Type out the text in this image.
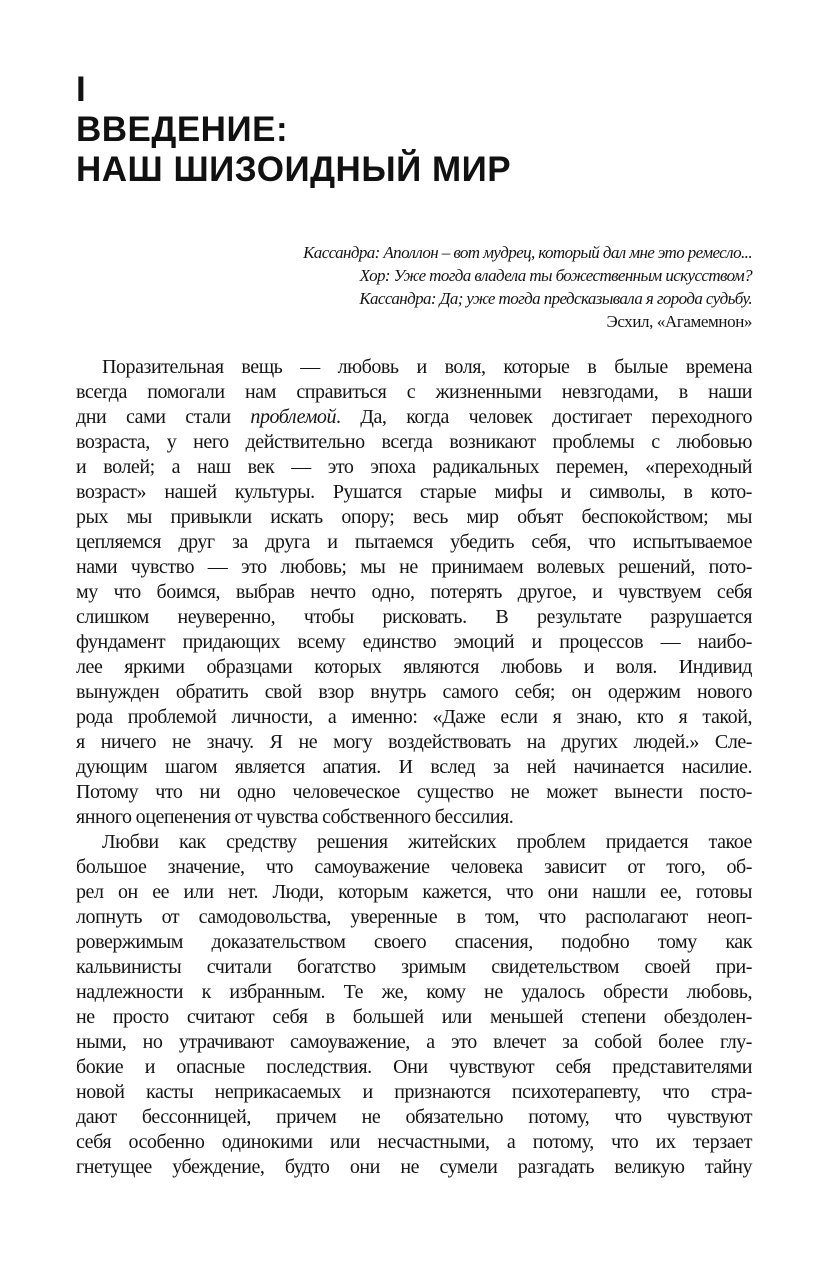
I
ВВЕДЕНИЕ:
НАШ ШИЗОИДНЫЙ МИР
Кассандра: Аполлон – вот мудрец, который дал мне это ремесло...
Хор: Уже тогда владела ты божественным искусством?
Кассандра: Да; уже тогда предсказывала я города судьбу.
Эсхил, «Агамемнон»
Поразительная вещь — любовь и воля, которые в былые времена
всегда помогали нам справиться с жизненными невзгодами, в наши
дни сами стали проблемой. Да, когда человек достигает переходного
возраста, у него действительно всегда возникают проблемы с любовью
и волей; а наш век — это эпоха радикальных перемен, «переходный
возраст» нашей культуры. Рушатся старые мифы и символы, в кото-
рых мы привыкли искать опору; весь мир объят беспокойством; мы
цепляемся друг за друга и пытаемся убедить себя, что испытываемое
нами чувство — это любовь; мы не принимаем волевых решений, пото-
му что боимся, выбрав нечто одно, потерять другое, и чувствуем себя
слишком неуверенно, чтобы рисковать. В результате разрушается
фундамент придающих всему единство эмоций и процессов — наибо-
лее яркими образцами которых являются любовь и воля. Индивид
вынужден обратить свой взор внутрь самого себя; он одержим нового
рода проблемой личности, а именно: «Даже если я знаю, кто я такой,
я ничего не значу. Я не могу воздействовать на других людей.» Сле-
дующим шагом является апатия. И вслед за ней начинается насилие.
Потому что ни одно человеческое существо не может вынести посто-
янного оцепенения от чувства собственного бессилия.
Любви как средству решения житейских проблем придается такое
большое значение, что самоуважение человека зависит от того, об-
рел он ее или нет. Люди, которым кажется, что они нашли ее, готовы
лопнуть от самодовольства, уверенные в том, что располагают неоп-
ровержимым доказательством своего спасения, подобно тому как
кальвинисты считали богатство зримым свидетельством своей при-
надлежности к избранным. Те же, кому не удалось обрести любовь,
не просто считают себя в большей или меньшей степени обездолен-
ными, но утрачивают самоуважение, а это влечет за собой более глу-
бокие и опасные последствия. Они чувствуют себя представителями
новой касты неприкасаемых и признаются психотерапевту, что стра-
дают бессонницей, причем не обязательно потому, что чувствуют
себя особенно одинокими или несчастными, а потому, что их терзает
гнетущее убеждение, будто они не сумели разгадать великую тайну
